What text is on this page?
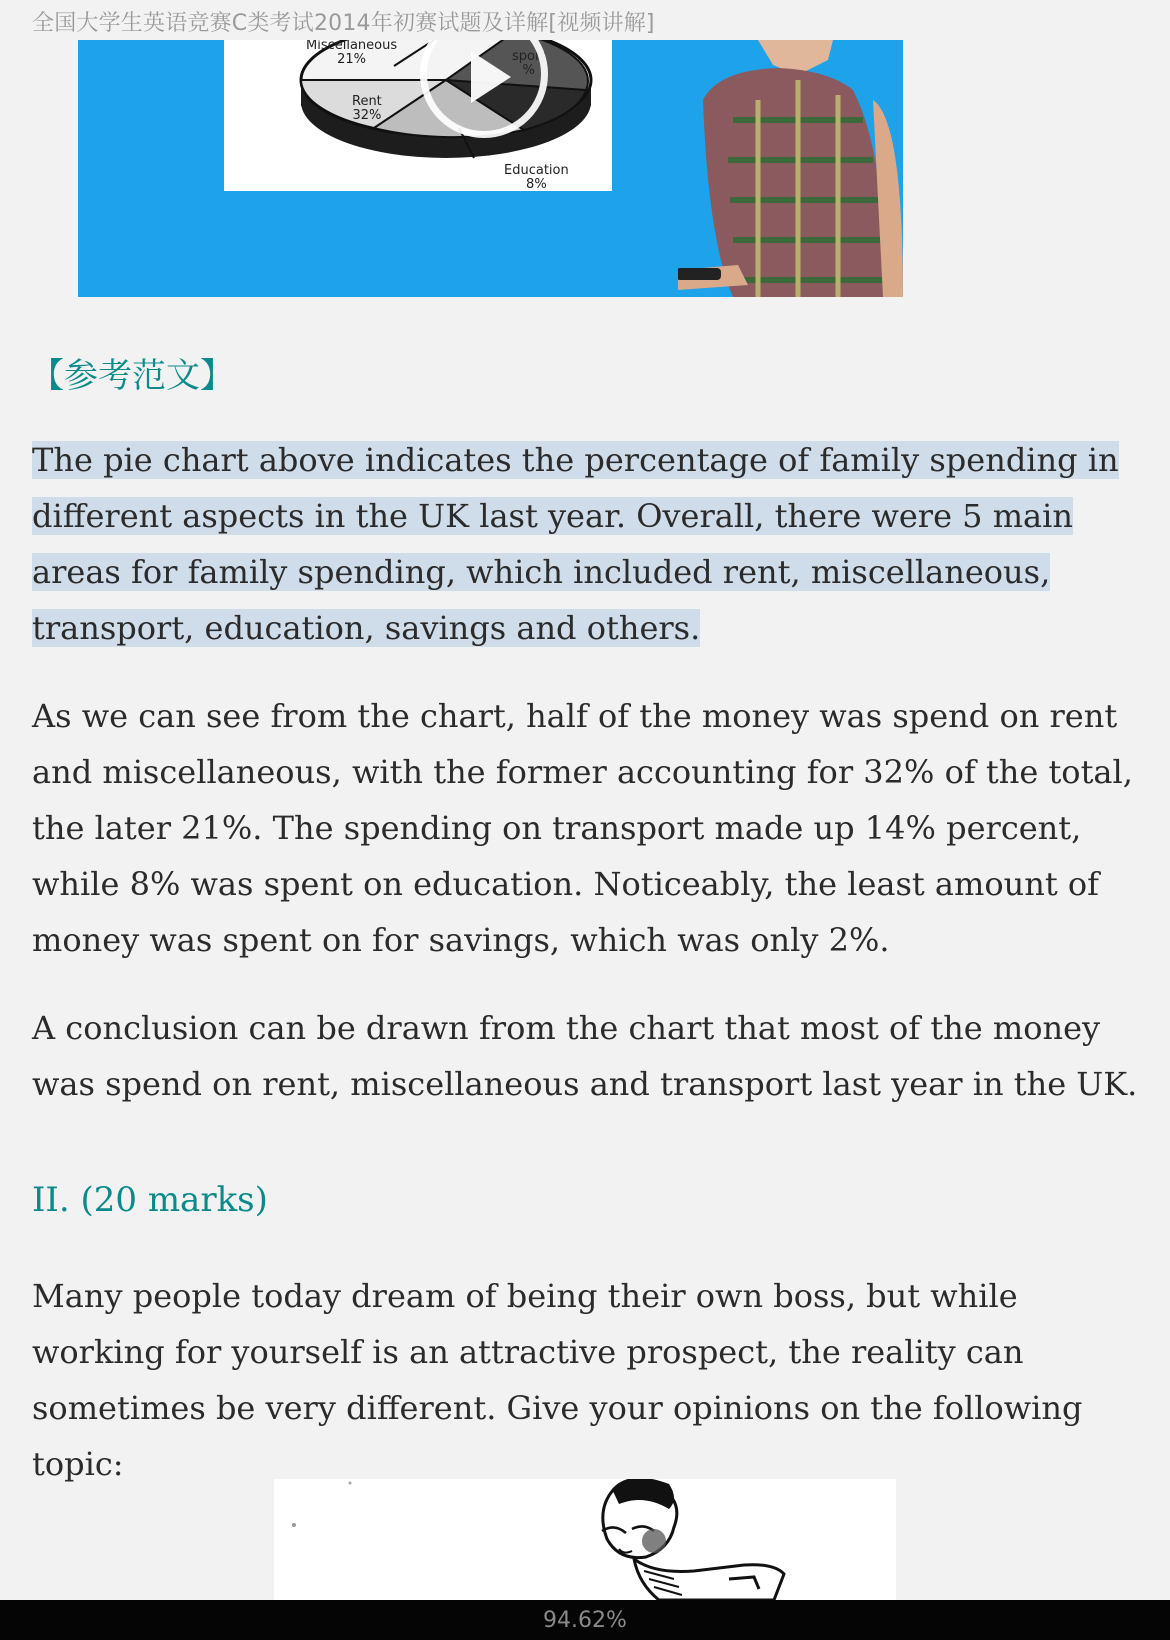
全国大学生英语竞赛C类考试2014年初赛试题及详解[视频讲解]
Miscellaneous
21%
Rent
32%
Education
8%
sport
%
【参考范文】
The pie chart above indicates the percentage of family spending in different aspects in the UK last year. Overall, there were 5 main areas for family spending, which included rent, miscellaneous, transport, education, savings and others.
As we can see from the chart, half of the money was spend on rent and miscellaneous, with the former accounting for 32% of the total, the later 21%. The spending on transport made up 14% percent, while 8% was spent on education. Noticeably, the least amount of money was spent on for savings, which was only 2%.
A conclusion can be drawn from the chart that most of the money was spend on rent, miscellaneous and transport last year in the UK.
II. (20 marks)
Many people today dream of being their own boss, but while working for yourself is an attractive prospect, the reality can sometimes be very different. Give your opinions on the following topic:
94.62%
